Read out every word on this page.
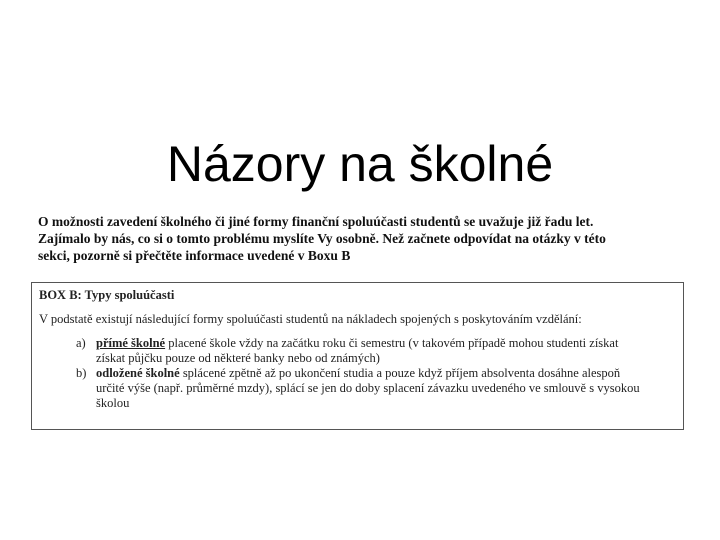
Názory na školné
O možnosti zavedení školného či jiné formy finanční spoluúčasti studentů se uvažuje již řadu let.
Zajímalo by nás, co si o tomto problému myslíte Vy osobně. Než začnete odpovídat na otázky v této
sekci, pozorně si přečtěte informace uvedené v Boxu B
BOX B: Typy spoluúčasti
V podstatě existují následující formy spoluúčasti studentů na nákladech spojených s poskytováním vzdělání:
a) přímé školné placené škole vždy na začátku roku či semestru (v takovém případě mohou studenti získat
získat půjčku pouze od některé banky nebo od známých)
b) odložené školné splácené zpětně až po ukončení studia a pouze když příjem absolventa dosáhne alespoň
určité výše (např. průměrné mzdy), splácí se jen do doby splacení závazku uvedeného ve smlouvě s vysokou
školou
